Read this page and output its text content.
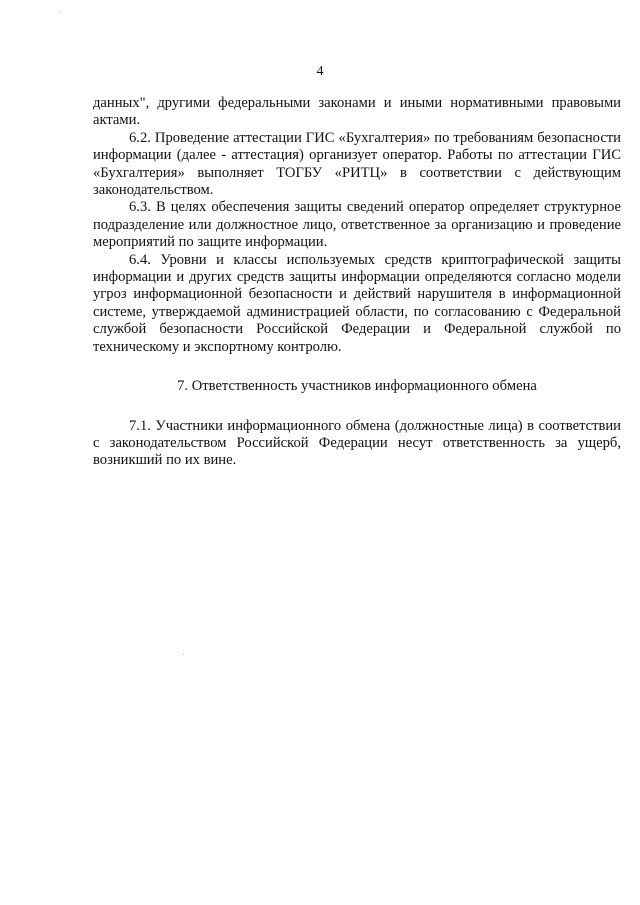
4

данных", другими федеральными законами и иными нормативными правовыми актами.

6.2. Проведение аттестации ГИС «Бухгалтерия» по требованиям безопасности информации (далее - аттестация) организует оператор. Работы по аттестации ГИС «Бухгалтерия» выполняет ТОГБУ «РИТЦ» в соответствии с действующим законодательством.

6.3. В целях обеспечения защиты сведений оператор определяет структурное подразделение или должностное лицо, ответственное за организацию и проведение мероприятий по защите информации.

6.4. Уровни и классы используемых средств криптографической защиты информации и других средств защиты информации определяются согласно модели угроз информационной безопасности и действий нарушителя в информационной системе, утверждаемой администрацией области, по согласованию с Федеральной службой безопасности Российской Федерации и Федеральной службой по техническому и экспортному контролю.

7. Ответственность участников информационного обмена

7.1. Участники информационного обмена (должностные лица) в соответствии с законодательством Российской Федерации несут ответственность за ущерб, возникший по их вине.
